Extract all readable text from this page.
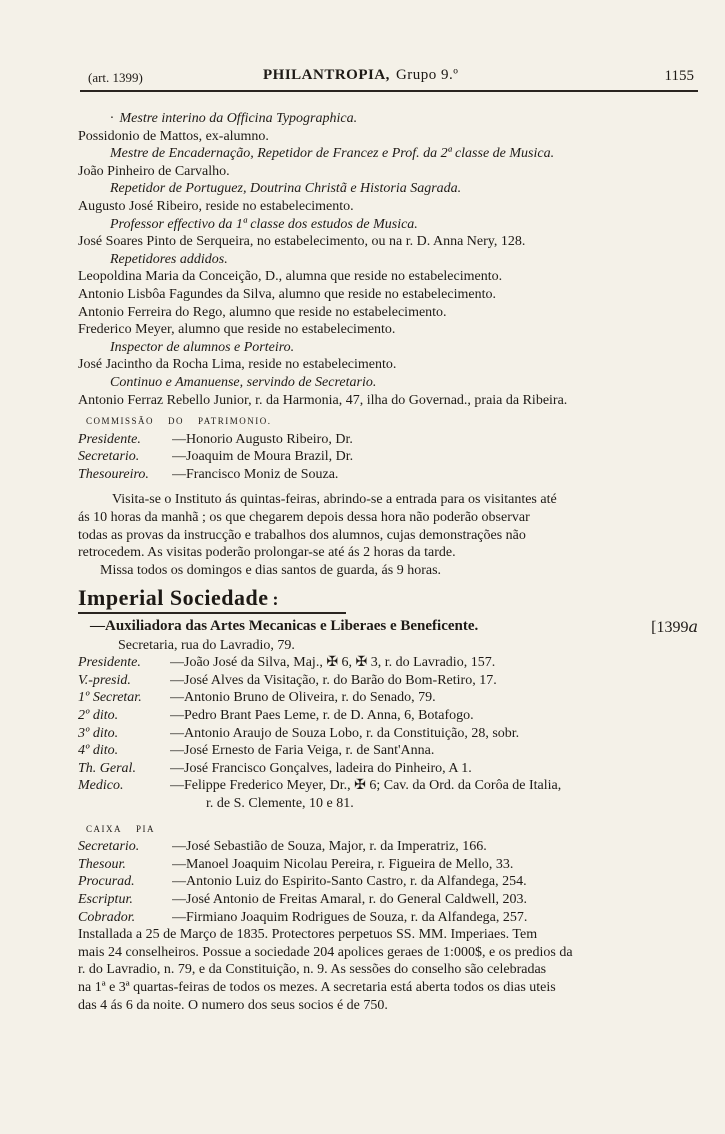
(art. 1399)	PHILANTROPIA, Grupo 9.º	1155
· Mestre interino da Officina Typographica.
Possidonio de Mattos, ex-alumno.
Mestre de Encadernação, Repetidor de Francez e Prof. da 2ª classe de Musica.
João Pinheiro de Carvalho.
Repetidor de Portuguez, Doutrina Christã e Historia Sagrada.
Augusto José Ribeiro, reside no estabelecimento.
Professor effectivo da 1ª classe dos estudos de Musica.
José Soares Pinto de Serqueira, no estabelecimento, ou na r. D. Anna Nery, 128.
Repetidores addidos.
Leopoldina Maria da Conceição, D., alumna que reside no estabelecimento.
Antonio Lisbôa Fagundes da Silva, alumno que reside no estabelecimento.
Antonio Ferreira do Rego, alumno que reside no estabelecimento.
Frederico Meyer, alumno que reside no estabelecimento.
Inspector de alumnos e Porteiro.
José Jacintho da Rocha Lima, reside no estabelecimento.
Continuo e Amanuense, servindo de Secretario.
Antonio Ferraz Rebello Junior, r. da Harmonia, 47, ilha do Governad., praia da Ribeira.
COMMISSÃO DO PATRIMONIO.
Presidente.	—Honorio Augusto Ribeiro, Dr.
Secretario.	—Joaquim de Moura Brazil, Dr.
Thesoureiro.	—Francisco Moniz de Souza.
Visita-se o Instituto ás quintas-feiras, abrindo-se a entrada para os visitantes até
ás 10 horas da manhã ; os que chegarem depois dessa hora não poderão observar
todas as provas da instrucção e trabalhos dos alumnos, cujas demonstrações não
retrocedem. As visitas poderão prolongar-se até ás 2 horas da tarde.
Missa todos os domingos e dias santos de guarda, ás 9 horas.
Imperial Sociedade :
—Auxiliadora das Artes Mecanicas e Liberaes e Beneficente.	[1399a
Secretaria, rua do Lavradio, 79.
Presidente.	—João José da Silva, Maj., ✠ 6, ✠ 3, r. do Lavradio, 157.
V.-presid.	—José Alves da Visitação, r. do Barão do Bom-Retiro, 17.
1º Secretar.	—Antonio Bruno de Oliveira, r. do Senado, 79.
2º dito.	—Pedro Brant Paes Leme, r. de D. Anna, 6, Botafogo.
3º dito.	—Antonio Araujo de Souza Lobo, r. da Constituição, 28, sobr.
4º dito.	—José Ernesto de Faria Veiga, r. de Sant'Anna.
Th. Geral.	—José Francisco Gonçalves, ladeira do Pinheiro, A 1.
Medico.	—Felippe Frederico Meyer, Dr., ✠ 6; Cav. da Ord. da Corôa de Italia,
r. de S. Clemente, 10 e 81.
CAIXA PIA
Secretario.	—José Sebastião de Souza, Major, r. da Imperatriz, 166.
Thesour.	—Manoel Joaquim Nicolau Pereira, r. Figueira de Mello, 33.
Procurad.	—Antonio Luiz do Espirito-Santo Castro, r. da Alfandega, 254.
Escriptur.	—José Antonio de Freitas Amaral, r. do General Caldwell, 203.
Cobrador.	—Firmiano Joaquim Rodrigues de Souza, r. da Alfandega, 257.
Installada a 25 de Março de 1835. Protectores perpetuos SS. MM. Imperiaes. Tem
mais 24 conselheiros. Possue a sociedade 204 apolices geraes de 1:000$, e os predios da
r. do Lavradio, n. 79, e da Constituição, n. 9. As sessões do conselho são celebradas
na 1ª e 3ª quartas-feiras de todos os mezes. A secretaria está aberta todos os dias uteis
das 4 ás 6 da noite. O numero dos seus socios é de 750.
